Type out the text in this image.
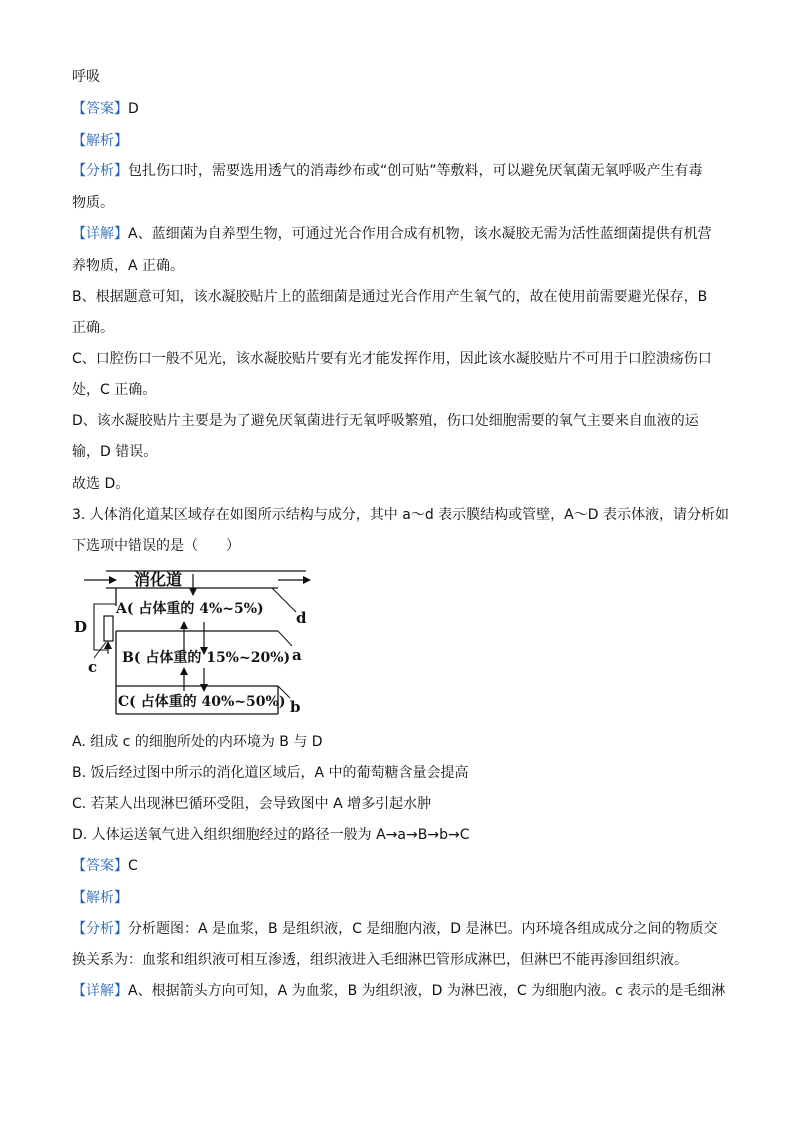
呼吸
【答案】D
【解析】
【分析】包扎伤口时，需要选用透气的消毒纱布或“创可贴”等敷料，可以避免厌氧菌无氧呼吸产生有毒
物质。
【详解】A、蓝细菌为自养型生物，可通过光合作用合成有机物，该水凝胶无需为活性蓝细菌提供有机营
养物质，A 正确。
B、根据题意可知，该水凝胶贴片上的蓝细菌是通过光合作用产生氧气的，故在使用前需要避光保存，B
正确。
C、口腔伤口一般不见光，该水凝胶贴片要有光才能发挥作用，因此该水凝胶贴片不可用于口腔溃疡伤口
处，C 正确。
D、该水凝胶贴片主要是为了避免厌氧菌进行无氧呼吸繁殖，伤口处细胞需要的氧气主要来自血液的运
输，D 错误。
故选 D。
3. 人体消化道某区域存在如图所示结构与成分，其中 a～d 表示膜结构或管壁，A～D 表示体液，请分析如
下选项中错误的是（　　）
A. 组成 c 的细胞所处的内环境为 B 与 D
B. 饭后经过图中所示的消化道区域后，A 中的葡萄糖含量会提高
C. 若某人出现淋巴循环受阻，会导致图中 A 增多引起水肿
D. 人体运送氧气进入组织细胞经过的路径一般为 A→a→B→b→C
【答案】C
【解析】
【分析】分析题图：A 是血浆，B 是组织液，C 是细胞内液，D 是淋巴。内环境各组成成分之间的物质交
换关系为：血浆和组织液可相互渗透，组织液进入毛细淋巴管形成淋巴，但淋巴不能再渗回组织液。
【详解】A、根据箭头方向可知，A 为血浆，B 为组织液，D 为淋巴液，C 为细胞内液。c 表示的是毛细淋
消化道
d
A( 占体重的 4%~5%)
a
B( 占体重的 15%~20%)
b
C( 占体重的 40%~50%)
D
c
